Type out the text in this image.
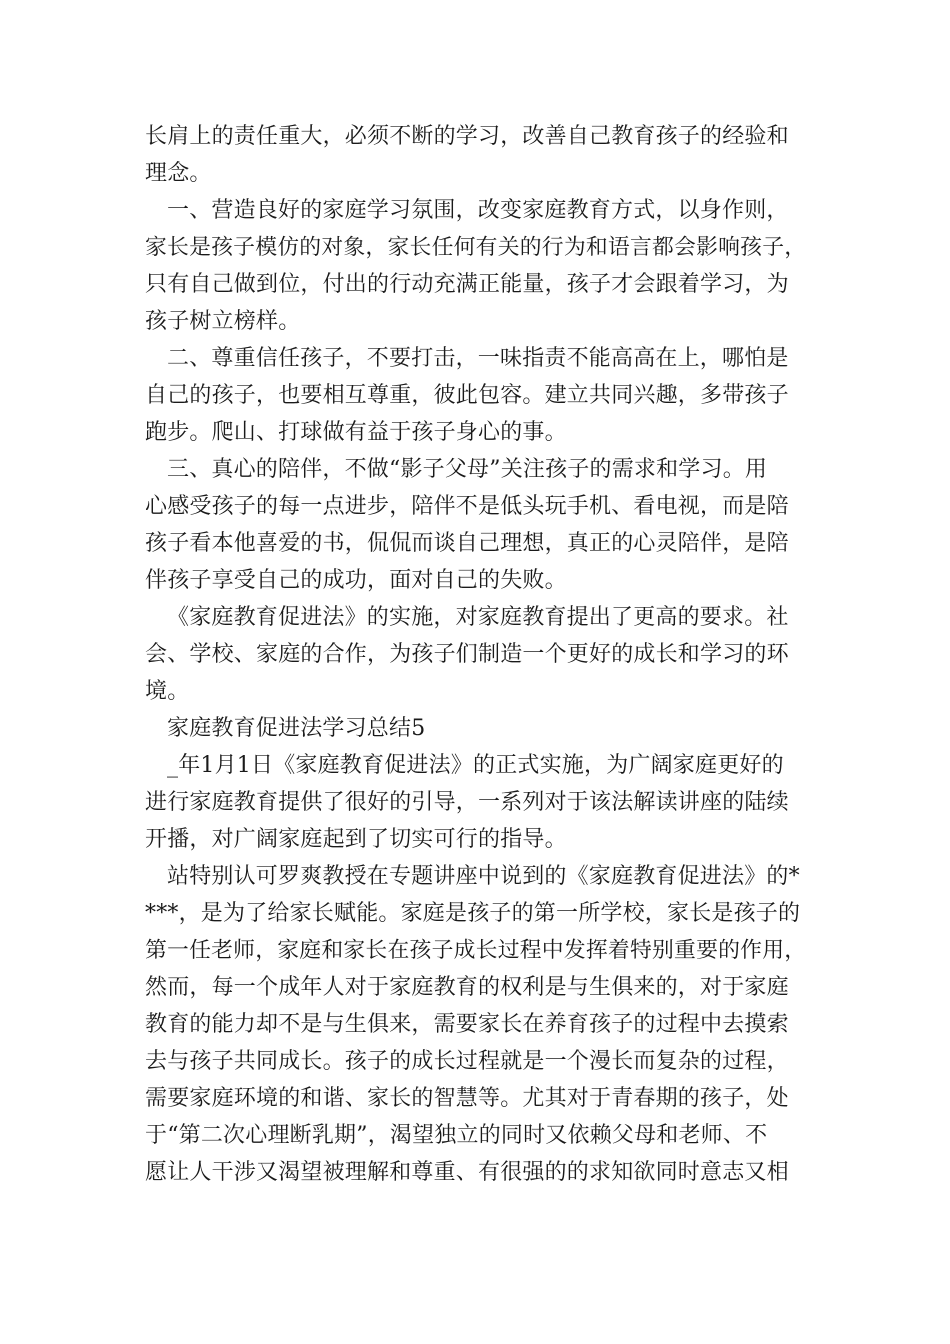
长肩上的责任重大，必须不断的学习，改善自己教育孩子的经验和
理念。
一、营造良好的家庭学习氛围，改变家庭教育方式，以身作则，
家长是孩子模仿的对象，家长任何有关的行为和语言都会影响孩子，
只有自己做到位，付出的行动充满正能量，孩子才会跟着学习，为
孩子树立榜样。
二、尊重信任孩子，不要打击，一味指责不能高高在上，哪怕是
自己的孩子，也要相互尊重，彼此包容。建立共同兴趣，多带孩子
跑步。爬山、打球做有益于孩子身心的事。
三、真心的陪伴，不做“影子父母”关注孩子的需求和学习。用
心感受孩子的每一点进步，陪伴不是低头玩手机、看电视，而是陪
孩子看本他喜爱的书，侃侃而谈自己理想，真正的心灵陪伴，是陪
伴孩子享受自己的成功，面对自己的失败。
《家庭教育促进法》的实施，对家庭教育提出了更高的要求。社
会、学校、家庭的合作，为孩子们制造一个更好的成长和学习的环
境。
家庭教育促进法学习总结5
_年1月1日《家庭教育促进法》的正式实施，为广阔家庭更好的
进行家庭教育提供了很好的引导，一系列对于该法解读讲座的陆续
开播，对广阔家庭起到了切实可行的指导。
站特别认可罗爽教授在专题讲座中说到的《家庭教育促进法》的*
***，是为了给家长赋能。家庭是孩子的第一所学校，家长是孩子的
第一任老师，家庭和家长在孩子成长过程中发挥着特别重要的作用，
然而，每一个成年人对于家庭教育的权利是与生俱来的，对于家庭
教育的能力却不是与生俱来，需要家长在养育孩子的过程中去摸索
去与孩子共同成长。孩子的成长过程就是一个漫长而复杂的过程，
需要家庭环境的和谐、家长的智慧等。尤其对于青春期的孩子，处
于“第二次心理断乳期”，渴望独立的同时又依赖父母和老师、不
愿让人干涉又渴望被理解和尊重、有很强的的求知欲同时意志又相
